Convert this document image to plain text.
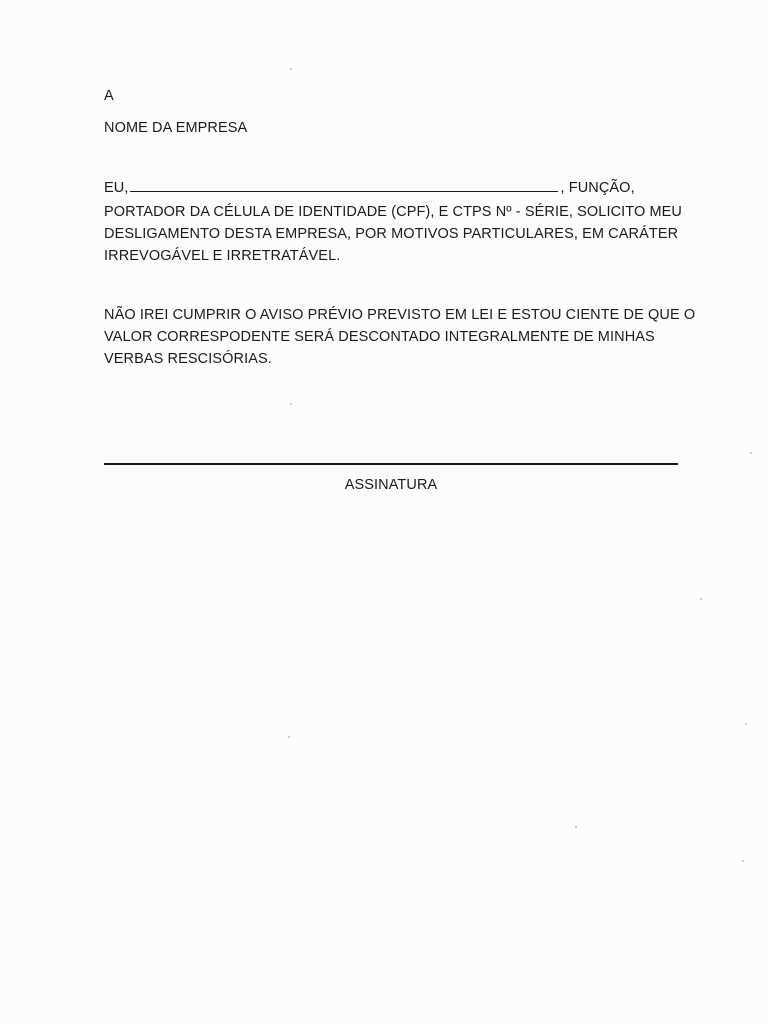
A
NOME DA EMPRESA
EU,	, FUNÇÃO,
PORTADOR DA CÉLULA DE IDENTIDADE (CPF), E CTPS Nº - SÉRIE, SOLICITO MEU
DESLIGAMENTO DESTA EMPRESA, POR MOTIVOS PARTICULARES, EM CARÁTER
IRREVOGÁVEL E IRRETRATÁVEL.
NÃO IREI CUMPRIR O AVISO PRÉVIO PREVISTO EM LEI E ESTOU CIENTE DE QUE O
VALOR CORRESPODENTE SERÁ DESCONTADO INTEGRALMENTE DE MINHAS
VERBAS RESCISÓRIAS.
ASSINATURA
